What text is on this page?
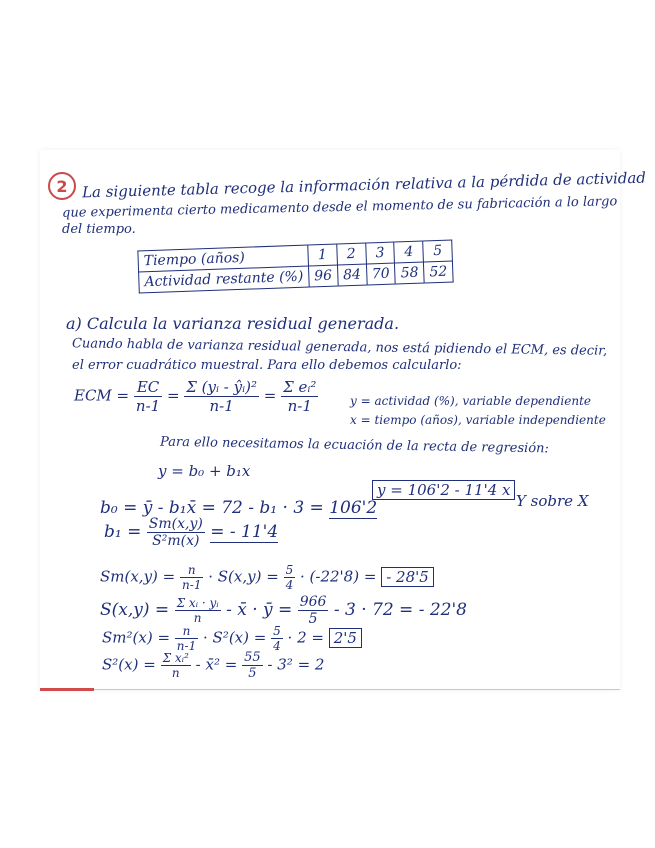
2 La siguiente tabla recoge la información relativa a la pérdida de actividad
que experimenta cierto medicamento desde el momento de su fabricación a lo largo
del tiempo.
Tiempo (años)	1	2	3	4	5
Actividad restante (%)	96	84	70	58	52
a) Calcula la varianza residual generada.
Cuando habla de varianza residual generada, nos está pidiendo el ECM, es decir,
el error cuadrático muestral. Para ello debemos calcularlo:
ECM = $\frac{EC}{n-1} = \frac{\text{Σ (yᵢ - ŷᵢ)²}}{n-1} = \frac{\text{Σ eᵢ²}}{n-1}$	y = actividad (%), variable dependiente
x = tiempo (años), variable independiente
Para ello necesitamos la ecuación de la recta de regresión:
y = b₀ + b₁x
y = 106'2 - 11'4 x
Y sobre X
b₀ = ȳ - b₁x̄ = 72 - b₁ · 3 = 106'2
$b_1 = \frac{Sm(x,y)}{\text{S²m(x)}}$ = - 11'4
$Sm(x,y) = \frac{n}{n-1} \cdot S(x,y) = \frac{5}{4} \cdot (-22'8)$ = - 28'5
$S(x,y) = \frac{\text{Σ xᵢ · yᵢ}}{n}$ - x̄ · ȳ = $\frac{966}{5} - 3 \cdot 72$ = - 22'8
$Sm^2(x) = \frac{n}{n-1} \cdot S^2(x) = \frac{5}{4} \cdot 2 = 2'5$
$S^2(x) = \frac{\text{Σ xᵢ²}}{n}$ - x̄² = $\frac{55}{5} - 3^2 = 2$
